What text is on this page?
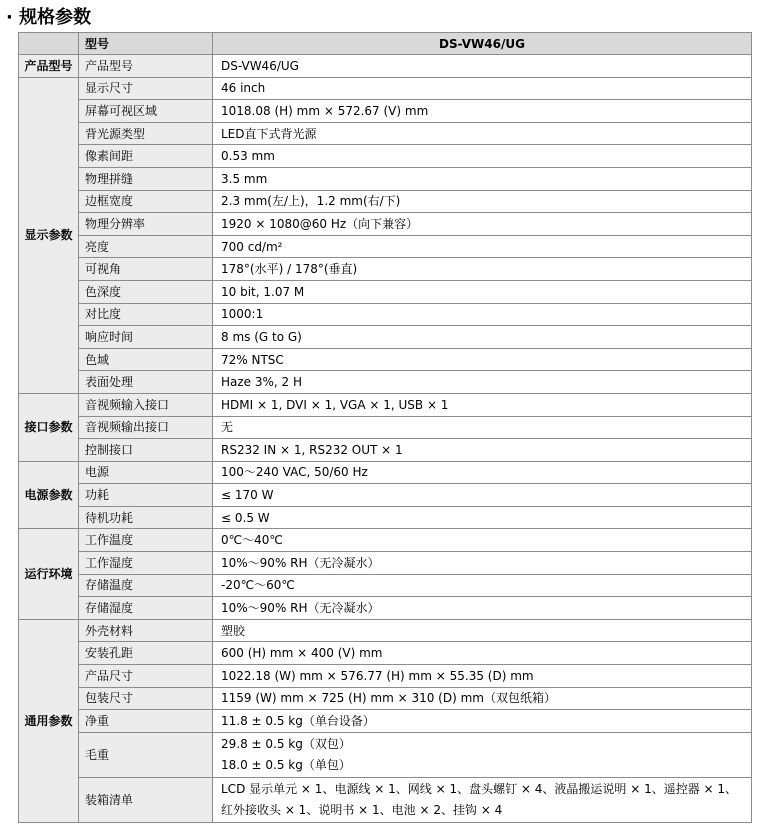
· 规格参数
	型号	DS-VW46/UG
产品型号	产品型号	DS-VW46/UG
显示参数	显示尺寸	46 inch
	屏幕可视区域	1018.08 (H) mm × 572.67 (V) mm
	背光源类型	LED直下式背光源
	像素间距	0.53 mm
	物理拼缝	3.5 mm
	边框宽度	2.3 mm(左/上)，1.2 mm(右/下)
	物理分辨率	1920 × 1080@60 Hz（向下兼容）
	亮度	700 cd/m²
	可视角	178°(水平) / 178°(垂直)
	色深度	10 bit, 1.07 M
	对比度	1000:1
	响应时间	8 ms (G to G)
	色域	72% NTSC
	表面处理	Haze 3%, 2 H
接口参数	音视频输入接口	HDMI × 1, DVI × 1, VGA × 1, USB × 1
	音视频输出接口	无
	控制接口	RS232 IN × 1, RS232 OUT × 1
电源参数	电源	100～240 VAC, 50/60 Hz
	功耗	≤ 170 W
	待机功耗	≤ 0.5 W
运行环境	工作温度	0℃～40℃
	工作湿度	10%～90% RH（无冷凝水）
	存储温度	-20℃～60℃
	存储湿度	10%～90% RH（无冷凝水）
通用参数	外壳材料	塑胶
	安装孔距	600 (H) mm × 400 (V) mm
	产品尺寸	1022.18 (W) mm × 576.77 (H) mm × 55.35 (D) mm
	包装尺寸	1159 (W) mm × 725 (H) mm × 310 (D) mm（双包纸箱）
	净重	11.8 ± 0.5 kg（单台设备）
	毛重	29.8 ± 0.5 kg（双包）
18.0 ± 0.5 kg（单包）

	装箱清单	LCD 显示单元 × 1、电源线 × 1、网线 × 1、盘头螺钉 × 4、液晶搬运说明 × 1、遥控器 × 1、
红外接收头 × 1、说明书 × 1、电池 × 2、挂钩 × 4
